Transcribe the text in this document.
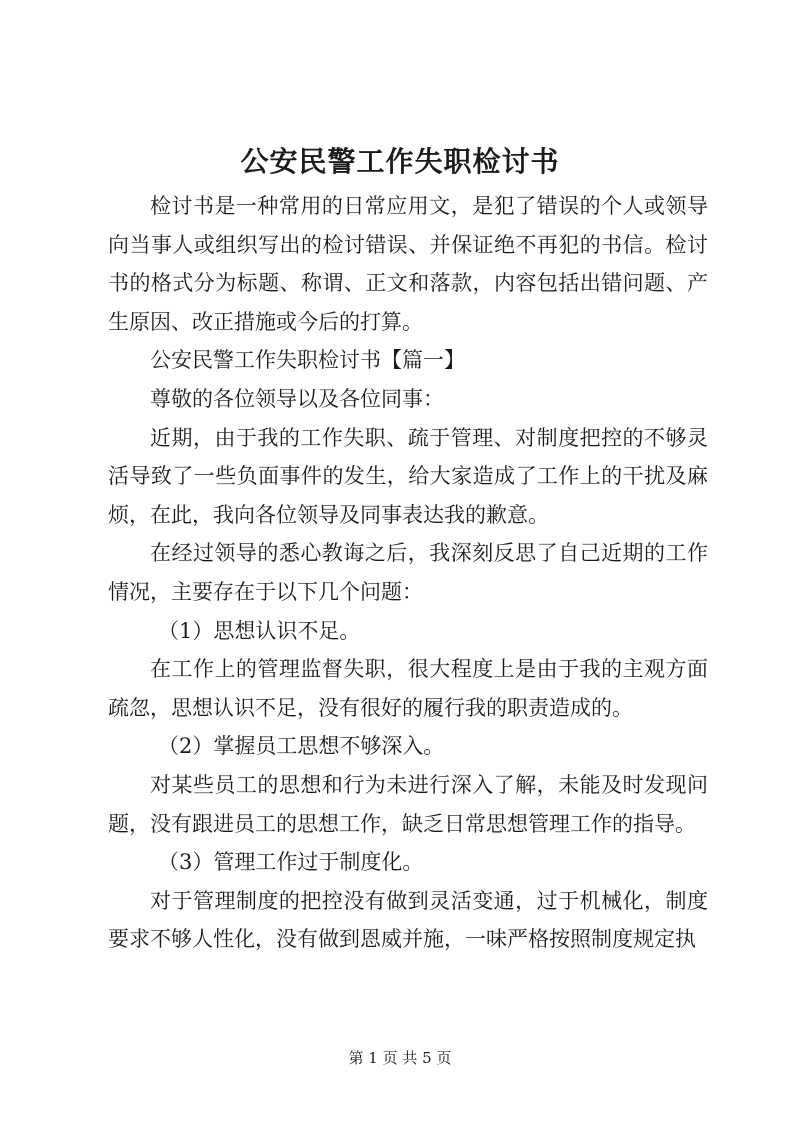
公安民警工作失职检讨书

检讨书是一种常用的日常应用文，是犯了错误的个人或领导向当事人或组织写出的检讨错误、并保证绝不再犯的书信。检讨书的格式分为标题、称谓、正文和落款，内容包括出错问题、产生原因、改正措施或今后的打算。

公安民警工作失职检讨书【篇一】

尊敬的各位领导以及各位同事：

近期，由于我的工作失职、疏于管理、对制度把控的不够灵活导致了一些负面事件的发生，给大家造成了工作上的干扰及麻烦，在此，我向各位领导及同事表达我的歉意。

在经过领导的悉心教诲之后，我深刻反思了自己近期的工作情况，主要存在于以下几个问题：

（1）思想认识不足。

在工作上的管理监督失职，很大程度上是由于我的主观方面疏忽，思想认识不足，没有很好的履行我的职责造成的。

（2）掌握员工思想不够深入。

对某些员工的思想和行为未进行深入了解，未能及时发现问题，没有跟进员工的思想工作，缺乏日常思想管理工作的指导。

（3）管理工作过于制度化。

对于管理制度的把控没有做到灵活变通，过于机械化，制度要求不够人性化，没有做到恩威并施，一味严格按照制度规定执

第 1 页 共 5 页
